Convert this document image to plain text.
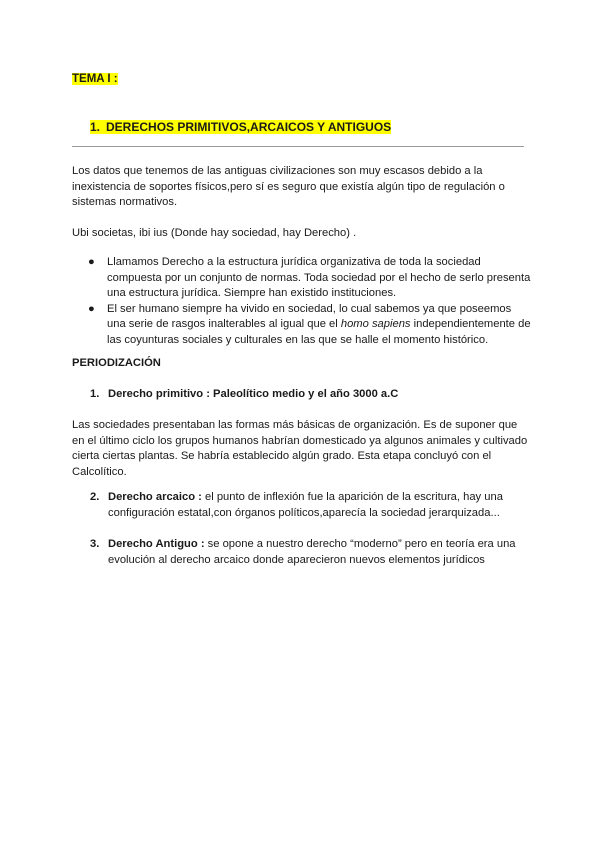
TEMA I :
1. DERECHOS PRIMITIVOS,ARCAICOS Y ANTIGUOS

Los datos que tenemos de las antiguas civilizaciones son muy escasos debido a la inexistencia de soportes físicos,pero sí es seguro que existía algún tipo de regulación o sistemas normativos.

Ubi societas, ibi ius (Donde hay sociedad, hay Derecho) .

● Llamamos Derecho a la estructura jurídica organizativa de toda la sociedad compuesta por un conjunto de normas. Toda sociedad por el hecho de serlo presenta una estructura jurídica. Siempre han existido instituciones.
● El ser humano siempre ha vivido en sociedad, lo cual sabemos ya que poseemos una serie de rasgos inalterables al igual que el homo sapiens independientemente de las coyunturas sociales y culturales en las que se halle el momento histórico.

PERIODIZACIÓN

1. Derecho primitivo : Paleolítico medio y el año 3000 a.C

Las sociedades presentaban las formas más básicas de organización. Es de suponer que en el último ciclo los grupos humanos habrían domesticado ya algunos animales y cultivado cierta ciertas plantas. Se habría establecido algún grado. Esta etapa concluyó con el Calcolítico.

2. Derecho arcaico : el punto de inflexión fue la aparición de la escritura, hay una configuración estatal,con órganos políticos,aparecía la sociedad jerarquizada...

3. Derecho Antiguo : se opone a nuestro derecho “moderno” pero en teoría era una evolución al derecho arcaico donde aparecieron nuevos elementos jurídicos
